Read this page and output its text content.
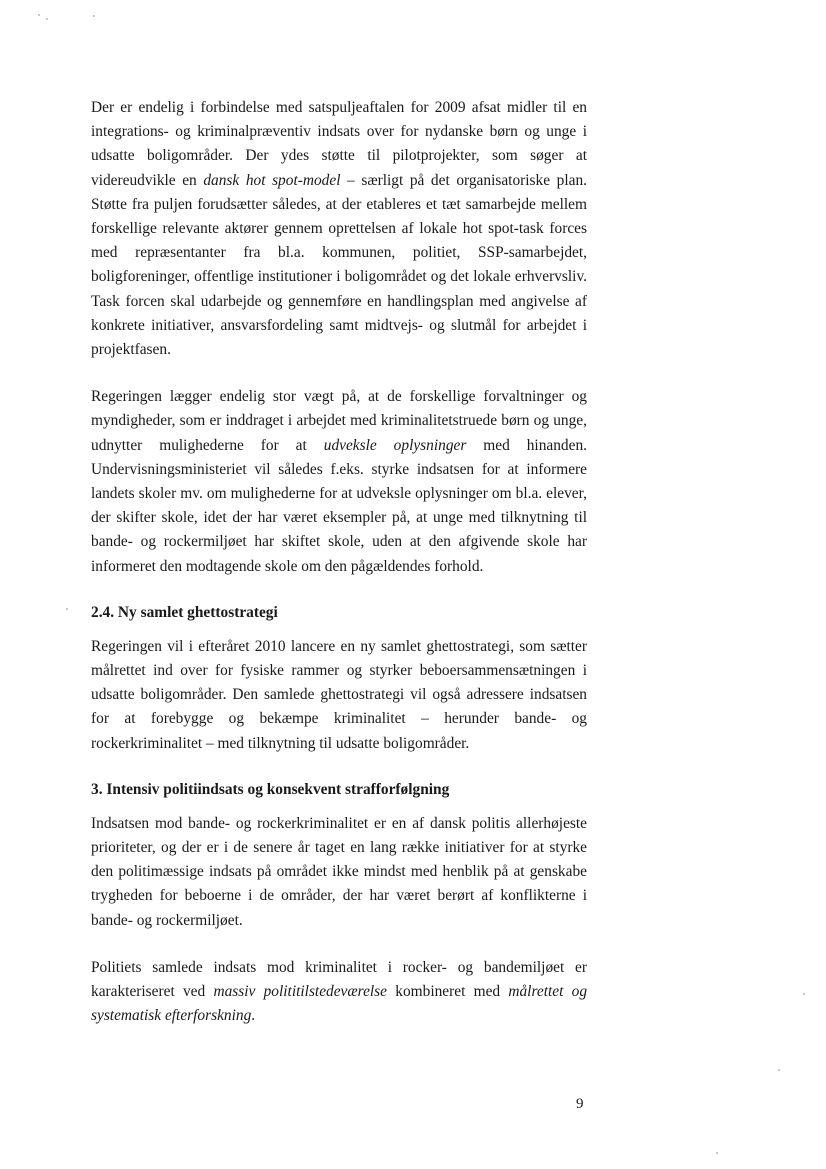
Der er endelig i forbindelse med satspuljeaftalen for 2009 afsat midler til en integrations- og kriminalpræventiv indsats over for nydanske børn og unge i udsatte boligområder. Der ydes støtte til pilotprojekter, som søger at videreudvikle en dansk hot spot-model – særligt på det organisatoriske plan. Støtte fra puljen forudsætter således, at der etableres et tæt samarbejde mellem forskellige relevante aktører gennem oprettelsen af lokale hot spot-task forces med repræsentanter fra bl.a. kommunen, politiet, SSP-samarbejdet, boligforeninger, offentlige institutioner i boligområdet og det lokale erhvervsliv. Task forcen skal udarbejde og gennemføre en handlingsplan med angivelse af konkrete initiativer, ansvarsfordeling samt midtvejs- og slutmål for arbejdet i projektfasen.

Regeringen lægger endelig stor vægt på, at de forskellige forvaltninger og myndigheder, som er inddraget i arbejdet med kriminalitetstruede børn og unge, udnytter mulighederne for at udveksle oplysninger med hinanden. Undervisningsministeriet vil således f.eks. styrke indsatsen for at informere landets skoler mv. om mulighederne for at udveksle oplysninger om bl.a. elever, der skifter skole, idet der har været eksempler på, at unge med tilknytning til bande- og rockermiljøet har skiftet skole, uden at den afgivende skole har informeret den modtagende skole om den pågældendes forhold.

2.4. Ny samlet ghettostrategi

Regeringen vil i efteråret 2010 lancere en ny samlet ghettostrategi, som sætter målrettet ind over for fysiske rammer og styrker beboersammensætningen i udsatte boligområder. Den samlede ghettostrategi vil også adressere indsatsen for at forebygge og bekæmpe kriminalitet – herunder bande- og rockerkriminalitet – med tilknytning til udsatte boligområder.

3. Intensiv politiindsats og konsekvent strafforfølgning

Indsatsen mod bande- og rockerkriminalitet er en af dansk politis allerhøjeste prioriteter, og der er i de senere år taget en lang række initiativer for at styrke den politimæssige indsats på området ikke mindst med henblik på at genskabe trygheden for beboerne i de områder, der har været berørt af konflikterne i bande- og rockermiljøet.

Politiets samlede indsats mod kriminalitet i rocker- og bandemiljøet er karakteriseret ved massiv polititilstedeværelse kombineret med målrettet og systematisk efterforskning.

9
